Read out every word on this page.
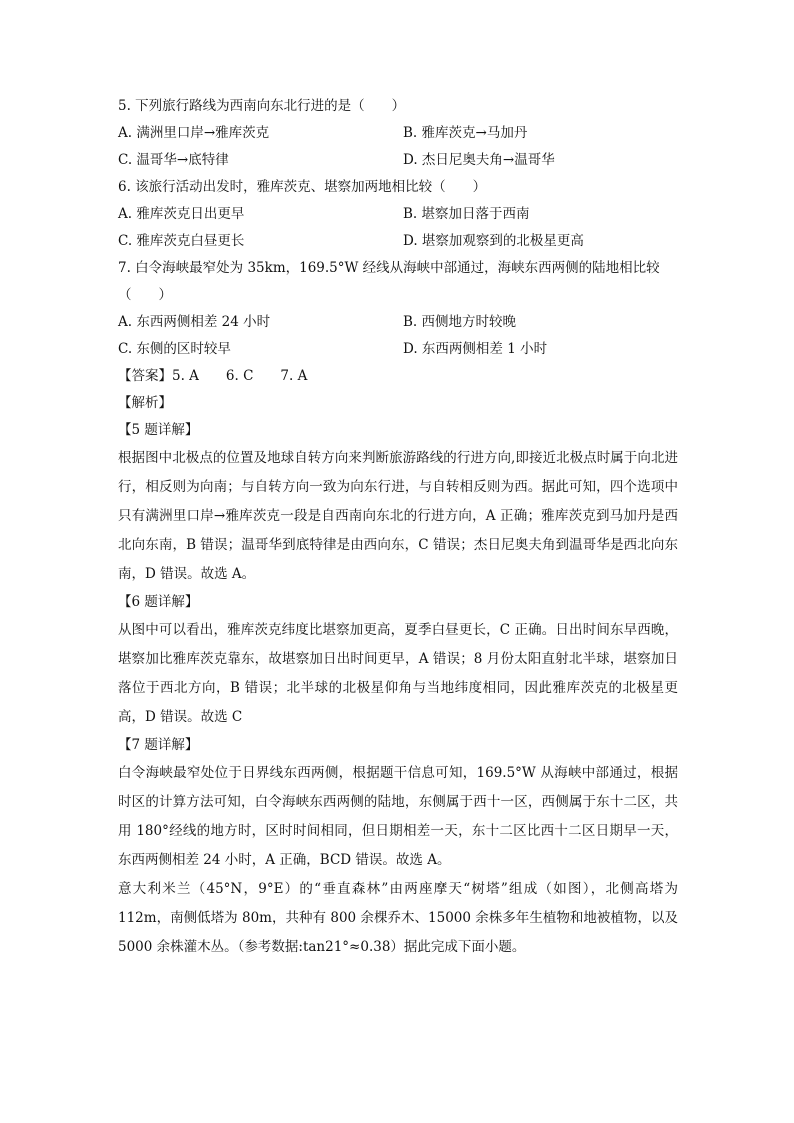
5. 下列旅行路线为西南向东北行进的是（　　）
A. 满洲里口岸→雅库茨克	B. 雅库茨克→马加丹
C. 温哥华→底特律	D. 杰日尼奥夫角→温哥华
6. 该旅行活动出发时，雅库茨克、堪察加两地相比较（　　）
A. 雅库茨克日出更早	B. 堪察加日落于西南
C. 雅库茨克白昼更长	D. 堪察加观察到的北极星更高
7. 白令海峡最窄处为 35km，169.5°W 经线从海峡中部通过，海峡东西两侧的陆地相比较
（　　）
A. 东西两侧相差 24 小时	B. 西侧地方时较晚
C. 东侧的区时较早	D. 东西两侧相差 1 小时
【答案】5. A　　6. C　　7. A
【解析】
【5 题详解】
根据图中北极点的位置及地球自转方向来判断旅游路线的行进方向,即接近北极点时属于向北进行，相反则为向南；与自转方向一致为向东行进，与自转相反则为西。据此可知，四个选项中只有满洲里口岸→雅库茨克一段是自西南向东北的行进方向，A 正确；雅库茨克到马加丹是西北向东南，B 错误；温哥华到底特律是由西向东，C 错误；杰日尼奥夫角到温哥华是西北向东南，D 错误。故选 A。
【6 题详解】
从图中可以看出，雅库茨克纬度比堪察加更高，夏季白昼更长，C 正确。日出时间东早西晚，堪察加比雅库茨克靠东，故堪察加日出时间更早，A 错误；8 月份太阳直射北半球，堪察加日落位于西北方向，B 错误；北半球的北极星仰角与当地纬度相同，因此雅库茨克的北极星更高，D 错误。故选 C
【7 题详解】
白令海峡最窄处位于日界线东西两侧，根据题干信息可知，169.5°W 从海峡中部通过，根据时区的计算方法可知，白令海峡东西两侧的陆地，东侧属于西十一区，西侧属于东十二区，共用 180°经线的地方时，区时时间相同，但日期相差一天，东十二区比西十二区日期早一天，东西两侧相差 24 小时，A 正确，BCD 错误。故选 A。
意大利米兰（45°N，9°E）的“垂直森林”由两座摩天“树塔”组成（如图），北侧高塔为 112m，南侧低塔为 80m，共种有 800 余棵乔木、15000 余株多年生植物和地被植物，以及 5000 余株灌木丛。（参考数据:tan21°≈0.38）据此完成下面小题。
